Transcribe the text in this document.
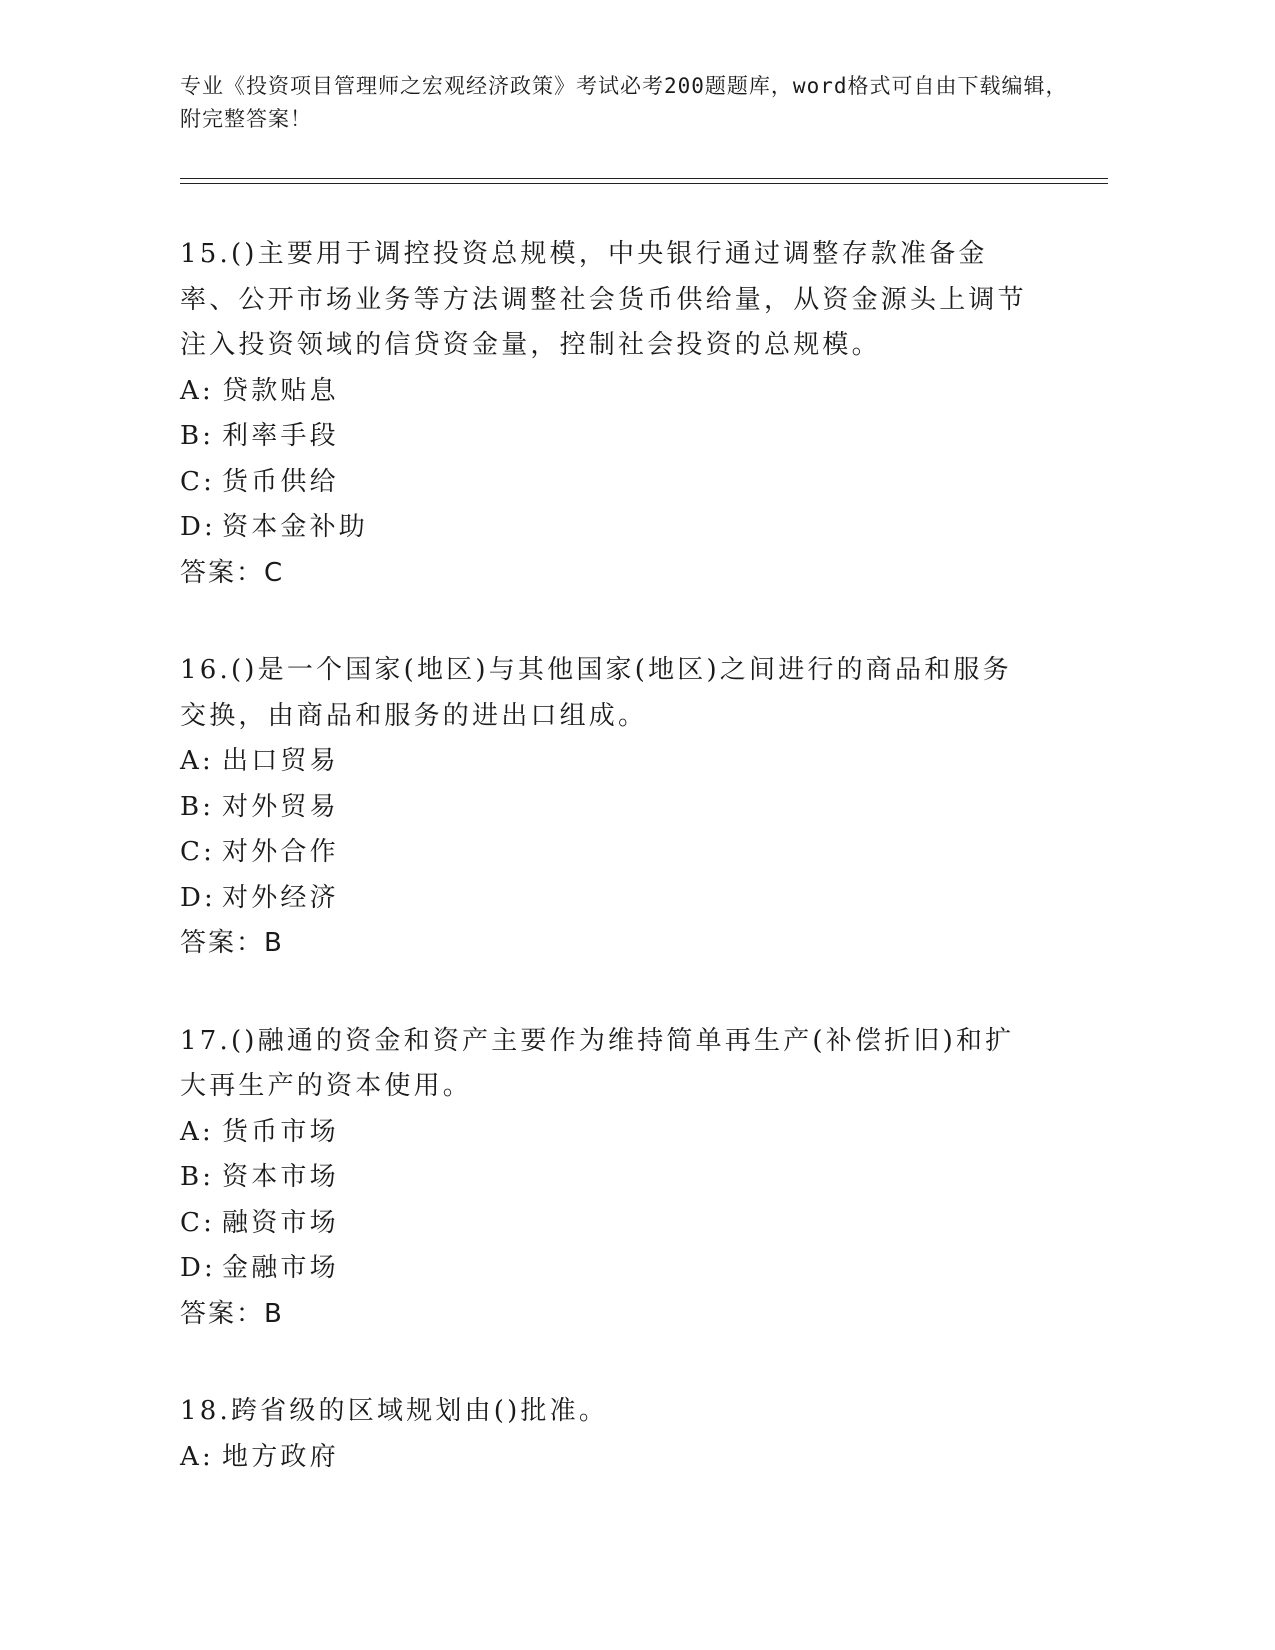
专业《投资项目管理师之宏观经济政策》考试必考200题题库，word格式可自由下载编辑，附完整答案！
15.()主要用于调控投资总规模，中央银行通过调整存款准备金率、公开市场业务等方法调整社会货币供给量，从资金源头上调节注入投资领域的信贷资金量，控制社会投资的总规模。
A: 贷款贴息
B: 利率手段
C: 货币供给
D: 资本金补助
答案：C
16.()是一个国家(地区)与其他国家(地区)之间进行的商品和服务交换，由商品和服务的进出口组成。
A: 出口贸易
B: 对外贸易
C: 对外合作
D: 对外经济
答案：B
17.()融通的资金和资产主要作为维持简单再生产(补偿折旧)和扩大再生产的资本使用。
A: 货币市场
B: 资本市场
C: 融资市场
D: 金融市场
答案：B
18.跨省级的区域规划由()批准。
A: 地方政府
